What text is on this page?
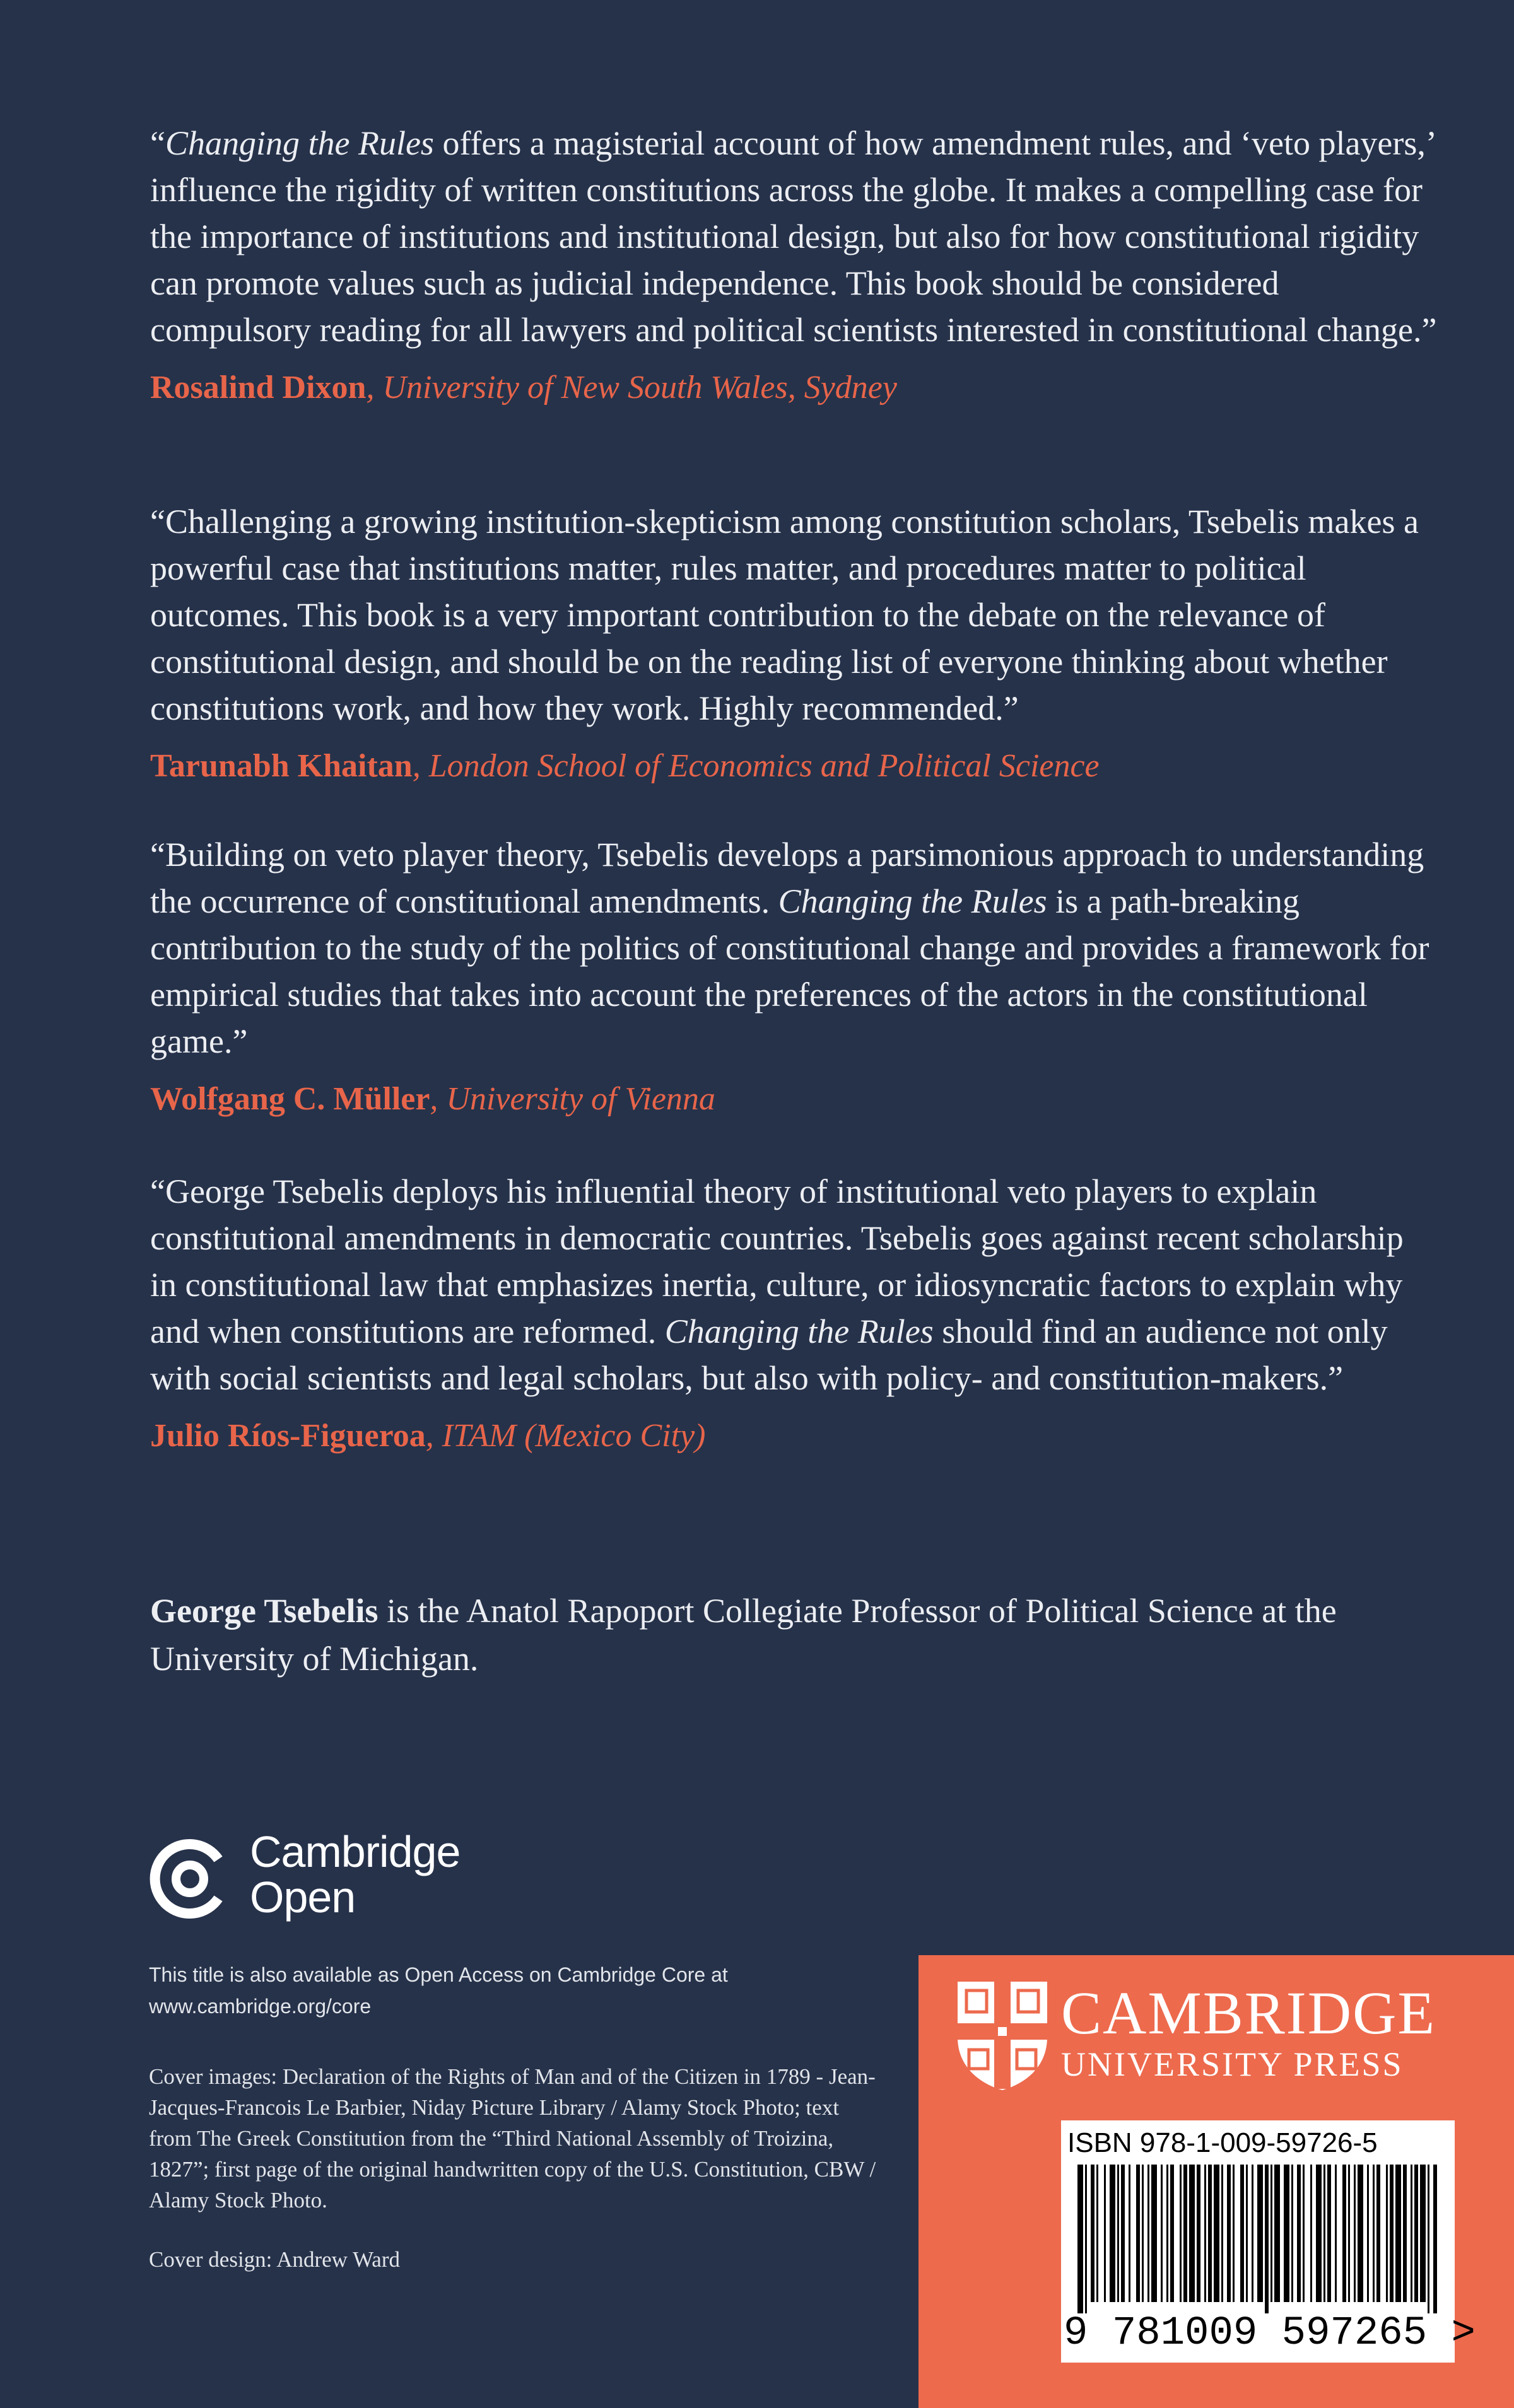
“Changing the Rules offers a magisterial account of how amendment rules, and ‘veto players,’ influence the rigidity of written constitutions across the globe. It makes a compelling case for the importance of institutions and institutional design, but also for how constitutional rigidity can promote values such as judicial independence. This book should be considered compulsory reading for all lawyers and political scientists interested in constitutional change.”

Rosalind Dixon, University of New South Wales, Sydney

“Challenging a growing institution-skepticism among constitution scholars, Tsebelis makes a powerful case that institutions matter, rules matter, and procedures matter to political outcomes. This book is a very important contribution to the debate on the relevance of constitutional design, and should be on the reading list of everyone thinking about whether constitutions work, and how they work. Highly recommended.”

Tarunabh Khaitan, London School of Economics and Political Science

“Building on veto player theory, Tsebelis develops a parsimonious approach to understanding the occurrence of constitutional amendments. Changing the Rules is a path-breaking contribution to the study of the politics of constitutional change and provides a framework for empirical studies that takes into account the preferences of the actors in the constitutional game.”

Wolfgang C. Müller, University of Vienna

“George Tsebelis deploys his influential theory of institutional veto players to explain constitutional amendments in democratic countries. Tsebelis goes against recent scholarship in constitutional law that emphasizes inertia, culture, or idiosyncratic factors to explain why and when constitutions are reformed. Changing the Rules should find an audience not only with social scientists and legal scholars, but also with policy- and constitution-makers.”

Julio Ríos-Figueroa, ITAM (Mexico City)
George Tsebelis is the Anatol Rapoport Collegiate Professor of Political Science at the University of Michigan.
Cambridge
Open
This title is also available as Open Access on Cambridge Core at www.cambridge.org/core
Cover images: Declaration of the Rights of Man and of the Citizen in 1789 - Jean-Jacques-Francois Le Barbier, Niday Picture Library / Alamy Stock Photo; text from The Greek Constitution from the “Third National Assembly of Troizina, 1827”; first page of the original handwritten copy of the U.S. Constitution, CBW / Alamy Stock Photo.
Cover design: Andrew Ward
CAMBRIDGE
UNIVERSITY PRESS
ISBN 978-1-009-59726-5
9 781009 597265 >
